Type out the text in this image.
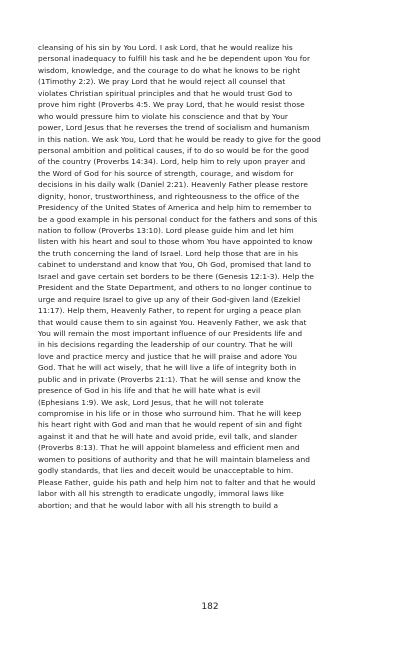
cleansing of his sin by You Lord. I ask Lord, that he would realize his
personal inadequacy to fulfill his task and he be dependent upon You for
wisdom, knowledge, and the courage to do what he knows to be right
(1Timothy 2:2). We pray Lord that he would reject all counsel that
violates Christian spiritual principles and that he would trust God to
prove him right (Proverbs 4:5. We pray Lord, that he would resist those
who would pressure him to violate his conscience and that by Your
power, Lord Jesus that he reverses the trend of socialism and humanism
in this nation. We ask You, Lord that he would be ready to give for the good
personal ambition and political causes, if to do so would be for the good
of the country (Proverbs 14:34). Lord, help him to rely upon prayer and
the Word of God for his source of strength, courage, and wisdom for
decisions in his daily walk (Daniel 2:21). Heavenly Father please restore
dignity, honor, trustworthiness, and righteousness to the office of the
Presidency of the United States of America and help him to remember to
be a good example in his personal conduct for the fathers and sons of this
nation to follow (Proverbs 13:10). Lord please guide him and let him
listen with his heart and soul to those whom You have appointed to know
the truth concerning the land of Israel. Lord help those that are in his
cabinet to understand and know that You, Oh God, promised that land to
Israel and gave certain set borders to be there (Genesis 12:1-3). Help the
President and the State Department, and others to no longer continue to
urge and require Israel to give up any of their God-given land (Ezekiel
11:17). Help them, Heavenly Father, to repent for urging a peace plan
that would cause them to sin against You. Heavenly Father, we ask that
You will remain the most important influence of our Presidents life and
in his decisions regarding the leadership of our country. That he will
love and practice mercy and justice that he will praise and adore You
God. That he will act wisely, that he will live a life of integrity both in
public and in private (Proverbs 21:1). That he will sense and know the
presence of God in his life and that he will hate what is evil
(Ephesians 1:9). We ask, Lord Jesus, that he will not tolerate
compromise in his life or in those who surround him. That he will keep
his heart right with God and man that he would repent of sin and fight
against it and that he will hate and avoid pride, evil talk, and slander
(Proverbs 8:13). That he will appoint blameless and efficient men and
women to positions of authority and that he will maintain blameless and
godly standards, that lies and deceit would be unacceptable to him.
Please Father, guide his path and help him not to falter and that he would
labor with all his strength to eradicate ungodly, immoral laws like
abortion; and that he would labor with all his strength to build a
182
